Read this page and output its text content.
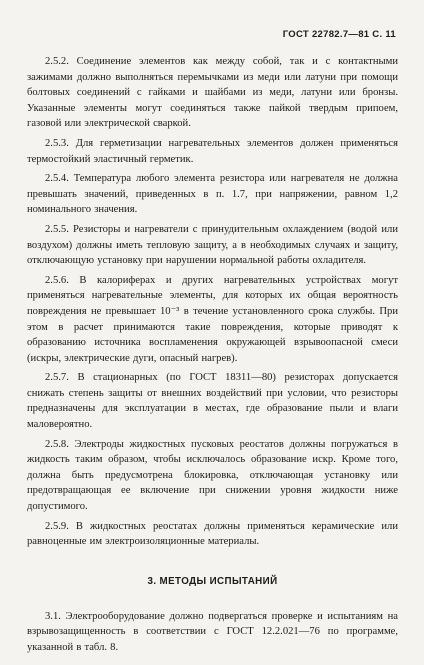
ГОСТ 22782.7—81 С. 11

2.5.2. Соединение элементов как между собой, так и с контактными зажимами должно выполняться перемычками из меди или латуни при помощи болтовых соединений с гайками и шайбами из меди, латуни или бронзы. Указанные элементы могут соединяться также пайкой твердым припоем, газовой или электрической сваркой.

2.5.3. Для герметизации нагревательных элементов должен применяться термостойкий эластичный герметик.

2.5.4. Температура любого элемента резистора или нагревателя не должна превышать значений, приведенных в п. 1.7, при напряжении, равном 1,2 номинального значения.

2.5.5. Резисторы и нагреватели с принудительным охлаждением (водой или воздухом) должны иметь тепловую защиту, а в необходимых случаях и защиту, отключающую установку при нарушении нормальной работы охладителя.

2.5.6. В калориферах и других нагревательных устройствах могут применяться нагревательные элементы, для которых их общая вероятность повреждения не превышает 10⁻³ в течение установленного срока службы. При этом в расчет принимаются такие повреждения, которые приводят к образованию источника воспламенения окружающей взрывоопасной смеси (искры, электрические дуги, опасный нагрев).

2.5.7. В стационарных (по ГОСТ 18311—80) резисторах допускается снижать степень защиты от внешних воздействий при условии, что резисторы предназначены для эксплуатации в местах, где образование пыли и влаги маловероятно.

2.5.8. Электроды жидкостных пусковых реостатов должны погружаться в жидкость таким образом, чтобы исключалось образование искр. Кроме того, должна быть предусмотрена блокировка, отключающая установку или предотвращающая ее включение при снижении уровня жидкости ниже допустимого.

2.5.9. В жидкостных реостатах должны применяться керамические или равноценные им электроизоляционные материалы.

3. МЕТОДЫ ИСПЫТАНИЙ

3.1. Электрооборудование должно подвергаться проверке и испытаниям на взрывозащищенность в соответствии с ГОСТ 12.2.021—76 по программе, указанной в табл. 8.
